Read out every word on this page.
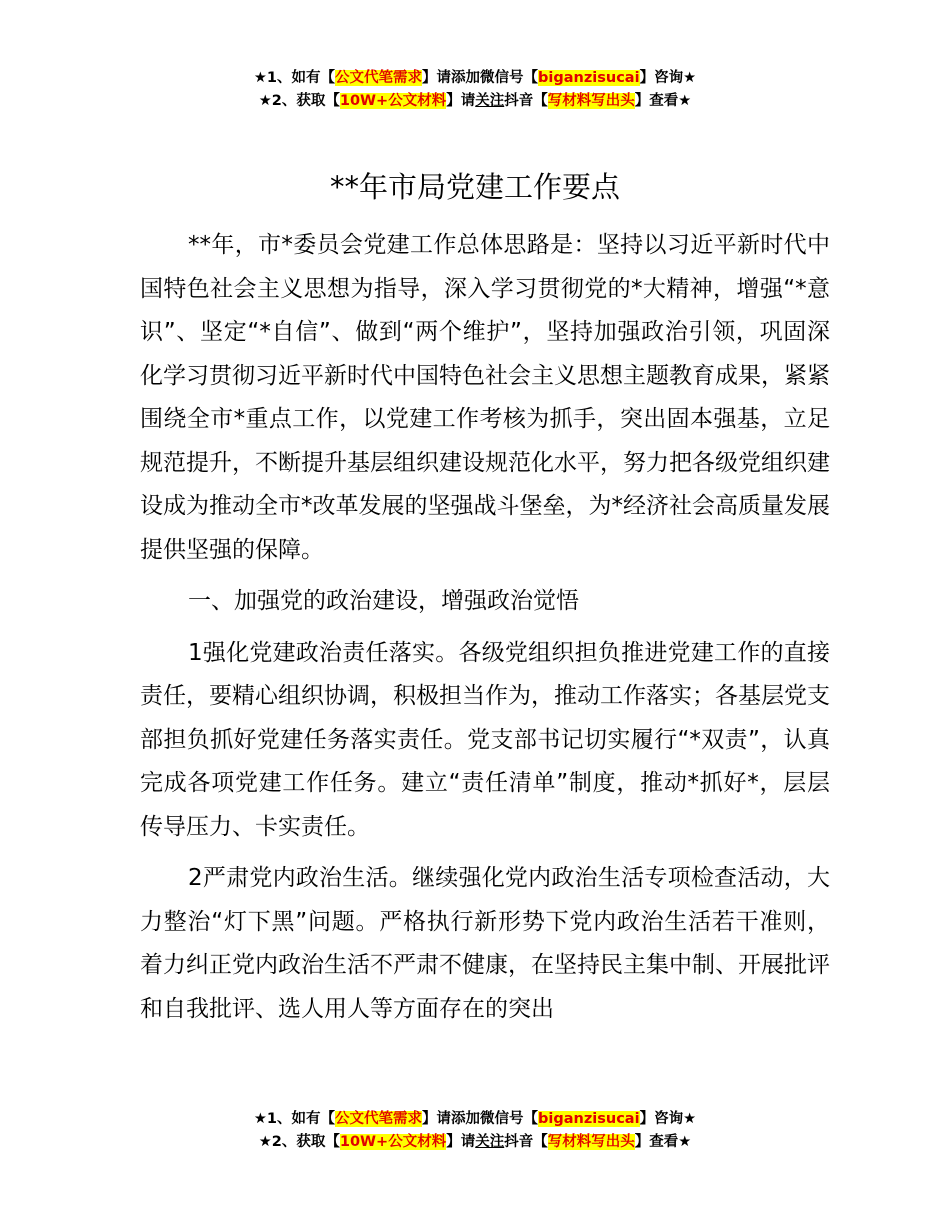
★1、如有【公文代笔需求】请添加微信号【biganzisucai】咨询★
★2、获取【10W+公文材料】请关注抖音【写材料写出头】查看★
**年市局党建工作要点

**年，市*委员会党建工作总体思路是：坚持以习近平新时代中国特色社会主义思想为指导，深入学习贯彻党的*大精神，增强“*意识”、坚定“*自信”、做到“两个维护”，坚持加强政治引领，巩固深化学习贯彻习近平新时代中国特色社会主义思想主题教育成果，紧紧围绕全市*重点工作，以党建工作考核为抓手，突出固本强基，立足规范提升，不断提升基层组织建设规范化水平，努力把各级党组织建设成为推动全市*改革发展的坚强战斗堡垒，为*经济社会高质量发展提供坚强的保障。

一、加强党的政治建设，增强政治觉悟

1强化党建政治责任落实。各级党组织担负推进党建工作的直接责任，要精心组织协调，积极担当作为，推动工作落实；各基层党支部担负抓好党建任务落实责任。党支部书记切实履行“*双责”，认真完成各项党建工作任务。建立“责任清单”制度，推动*抓好*，层层传导压力、卡实责任。

2严肃党内政治生活。继续强化党内政治生活专项检查活动，大力整治“灯下黑”问题。严格执行新形势下党内政治生活若干准则，着力纠正党内政治生活不严肃不健康，在坚持民主集中制、开展批评和自我批评、选人用人等方面存在的突出

★1、如有【公文代笔需求】请添加微信号【biganzisucai】咨询★
★2、获取【10W+公文材料】请关注抖音【写材料写出头】查看★
